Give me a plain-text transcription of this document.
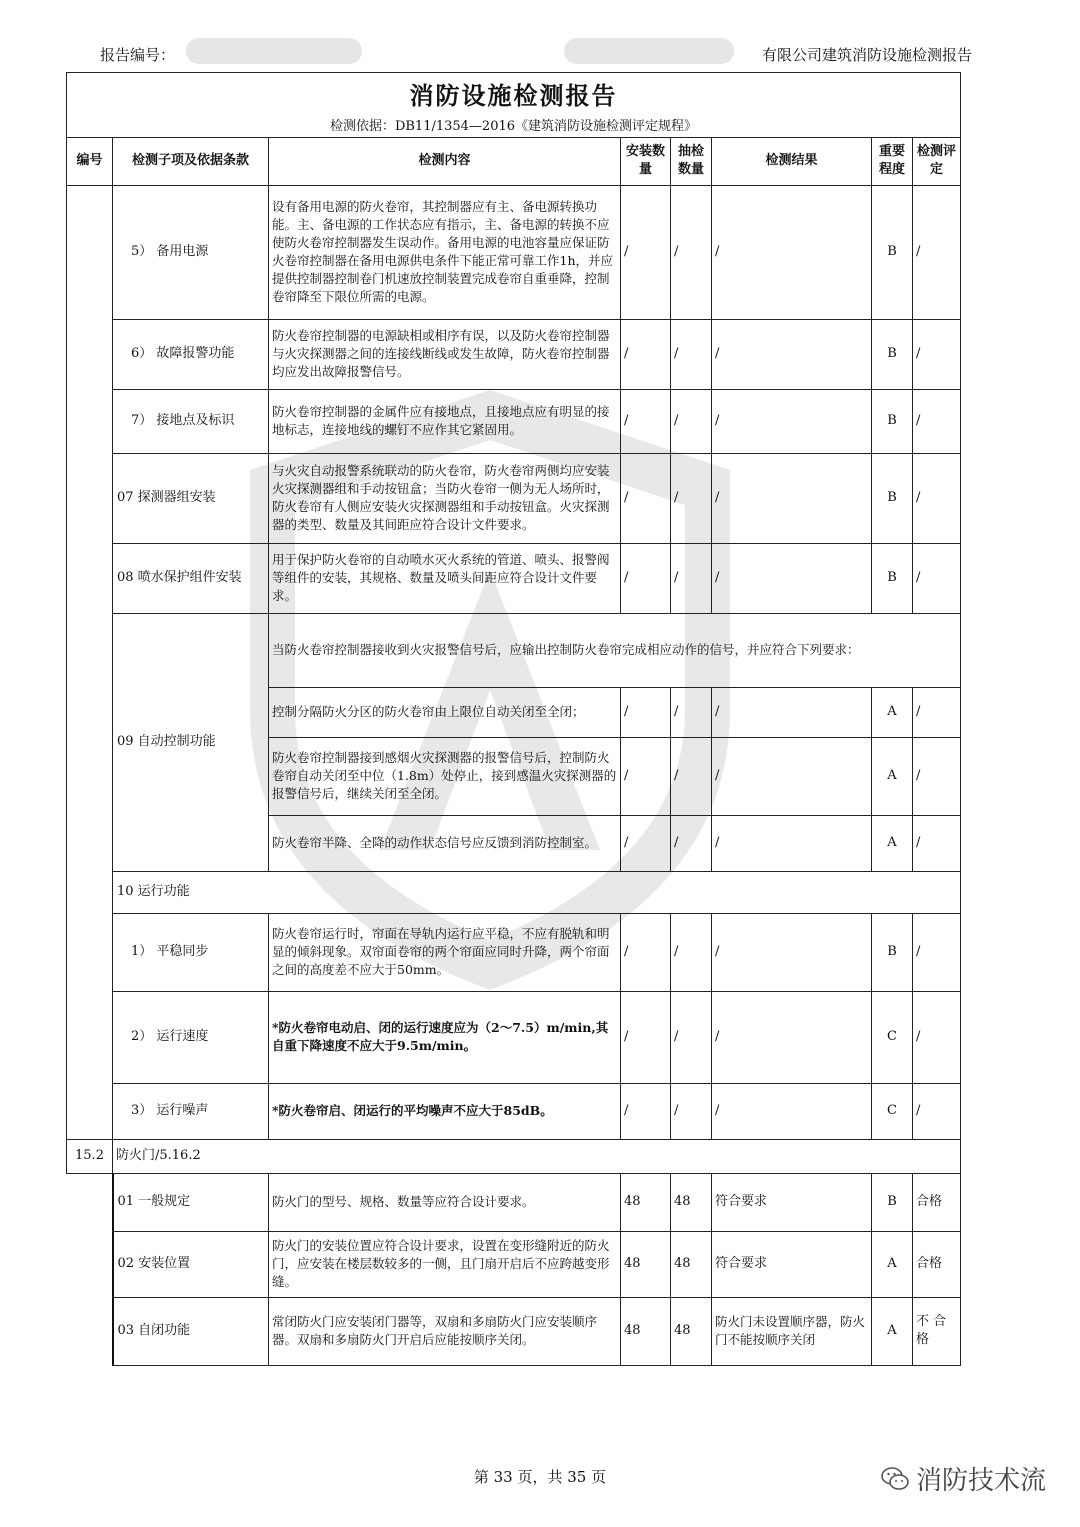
报告编号：	有限公司建筑消防设施检测报告
消防设施检测报告							
检测依据：DB11/1354—2016《建筑消防设施检测评定规程》							
编号	检测子项及依据条款	检测内容	安装数量	抽检数量	检测结果	重要程度	检测评定
	5） 备用电源	设有备用电源的防火卷帘，其控制器应有主、备电源转换功能。主、备电源的工作状态应有指示，主、备电源的转换不应使防火卷帘控制器发生误动作。备用电源的电池容量应保证防火卷帘控制器在备用电源供电条件下能正常可靠工作1h，并应提供控制器控制卷门机速放控制装置完成卷帘自重垂降，控制卷帘降至下限位所需的电源。	/	/	/	B	/
	6） 故障报警功能	防火卷帘控制器的电源缺相或相序有误，以及防火卷帘控制器与火灾探测器之间的连接线断线或发生故障，防火卷帘控制器均应发出故障报警信号。	/	/	/	B	/
	7） 接地点及标识	防火卷帘控制器的金属件应有接地点，且接地点应有明显的接地标志，连接地线的螺钉不应作其它紧固用。	/	/	/	B	/
	07 探测器组安装	与火灾自动报警系统联动的防火卷帘，防火卷帘两侧均应安装火灾探测器组和手动按钮盒；当防火卷帘一侧为无人场所时，防火卷帘有人侧应安装火灾探测器组和手动按钮盒。火灾探测器的类型、数量及其间距应符合设计文件要求。	/	/	/	B	/
	08 喷水保护组件安装	用于保护防火卷帘的自动喷水灭火系统的管道、喷头、报警阀等组件的安装，其规格、数量及喷头间距应符合设计文件要求。	/	/	/	B	/
	09 自动控制功能	当防火卷帘控制器接收到火灾报警信号后，应输出控制防火卷帘完成相应动作的信号，并应符合下列要求：					
		控制分隔防火分区的防火卷帘由上限位自动关闭至全闭；	/	/	/	A	/
		防火卷帘控制器接到感烟火灾探测器的报警信号后，控制防火卷帘自动关闭至中位（1.8m）处停止，接到感温火灾探测器的报警信号后，继续关闭至全闭。	/	/	/	A	/
		防火卷帘半降、全降的动作状态信号应反馈到消防控制室。	/	/	/	A	/
	10 运行功能						
	1） 平稳同步	防火卷帘运行时，帘面在导轨内运行应平稳，不应有脱轨和明显的倾斜现象。双帘面卷帘的两个帘面应同时升降，两个帘面之间的高度差不应大于50mm。	/	/	/	B	/
	2） 运行速度	*防火卷帘电动启、闭的运行速度应为（2～7.5）m/min,其自重下降速度不应大于9.5m/min。	/	/	/	C	/
	3） 运行噪声	*防火卷帘启、闭运行的平均噪声不应大于85dB。	/	/	/	C	/
15.2	防火门/5.16.2						
	01 一般规定	防火门的型号、规格、数量等应符合设计要求。	48	48	符合要求	B	合格
	02 安装位置	防火门的安装位置应符合设计要求，设置在变形缝附近的防火门，应安装在楼层数较多的一侧，且门扇开启后不应跨越变形缝。	48	48	符合要求	A	合格
	03 自闭功能	常闭防火门应安装闭门器等，双扇和多扇防火门应安装顺序器。双扇和多扇防火门开启后应能按顺序关闭。	48	48	防火门未设置顺序器，防火门不能按顺序关闭	A	不 合格
第 33 页，共 35 页	消防技术流
